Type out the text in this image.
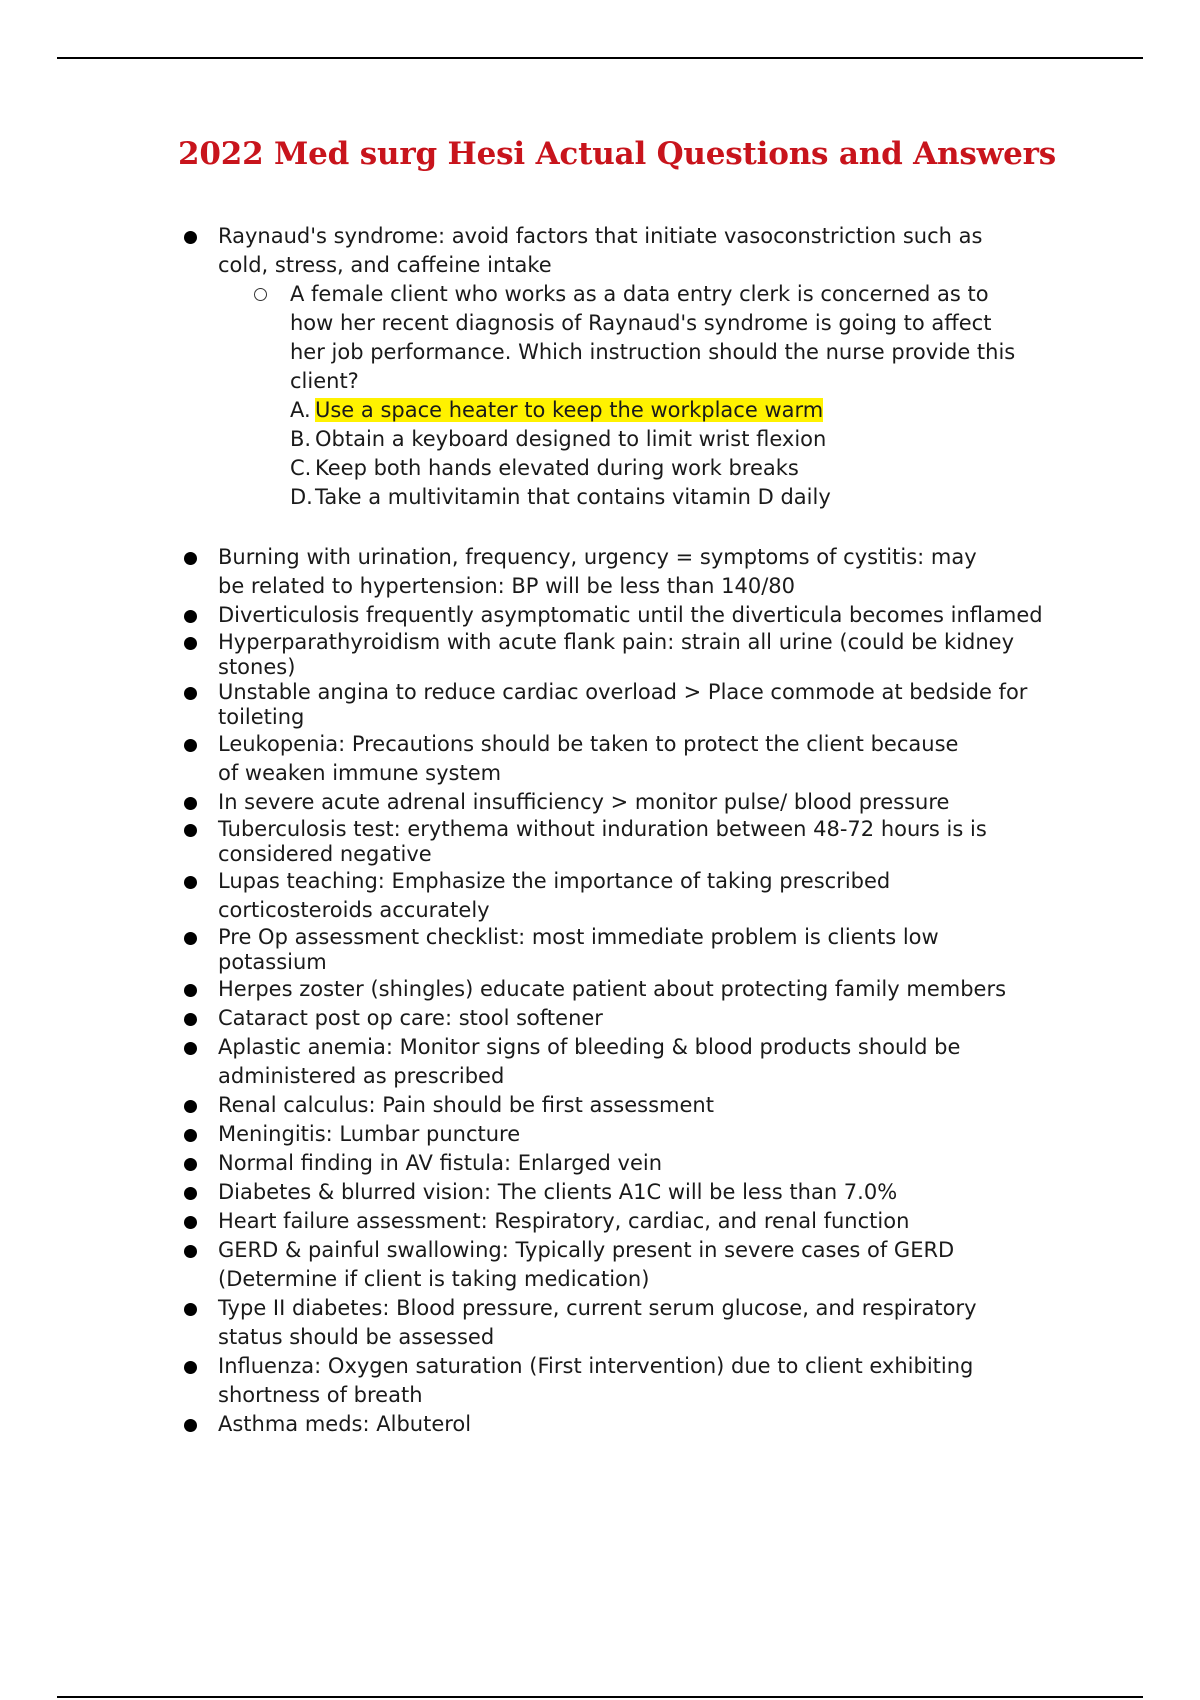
2022 Med surg Hesi Actual Questions and Answers
Raynaud's syndrome: avoid factors that initiate vasoconstriction such as
cold, stress, and caffeine intake
A female client who works as a data entry clerk is concerned as to
how her recent diagnosis of Raynaud's syndrome is going to affect
her job performance. Which instruction should the nurse provide this
client?
A. Use a space heater to keep the workplace warm
B. Obtain a keyboard designed to limit wrist flexion
C. Keep both hands elevated during work breaks
D. Take a multivitamin that contains vitamin D daily
Burning with urination, frequency, urgency = symptoms of cystitis: may
be related to hypertension: BP will be less than 140/80
Diverticulosis frequently asymptomatic until the diverticula becomes inflamed
Hyperparathyroidism with acute flank pain: strain all urine (could be kidney
stones)
Unstable angina to reduce cardiac overload > Place commode at bedside for
toileting
Leukopenia: Precautions should be taken to protect the client because
of weaken immune system
In severe acute adrenal insufficiency > monitor pulse/ blood pressure
Tuberculosis test: erythema without induration between 48-72 hours is is
considered negative
Lupas teaching: Emphasize the importance of taking prescribed
corticosteroids accurately
Pre Op assessment checklist: most immediate problem is clients low
potassium
Herpes zoster (shingles) educate patient about protecting family members
Cataract post op care: stool softener
Aplastic anemia: Monitor signs of bleeding & blood products should be
administered as prescribed
Renal calculus: Pain should be first assessment
Meningitis: Lumbar puncture
Normal finding in AV fistula: Enlarged vein
Diabetes & blurred vision: The clients A1C will be less than 7.0%
Heart failure assessment: Respiratory, cardiac, and renal function
GERD & painful swallowing: Typically present in severe cases of GERD
(Determine if client is taking medication)
Type II diabetes: Blood pressure, current serum glucose, and respiratory
status should be assessed
Influenza: Oxygen saturation (First intervention) due to client exhibiting
shortness of breath
Asthma meds: Albuterol
